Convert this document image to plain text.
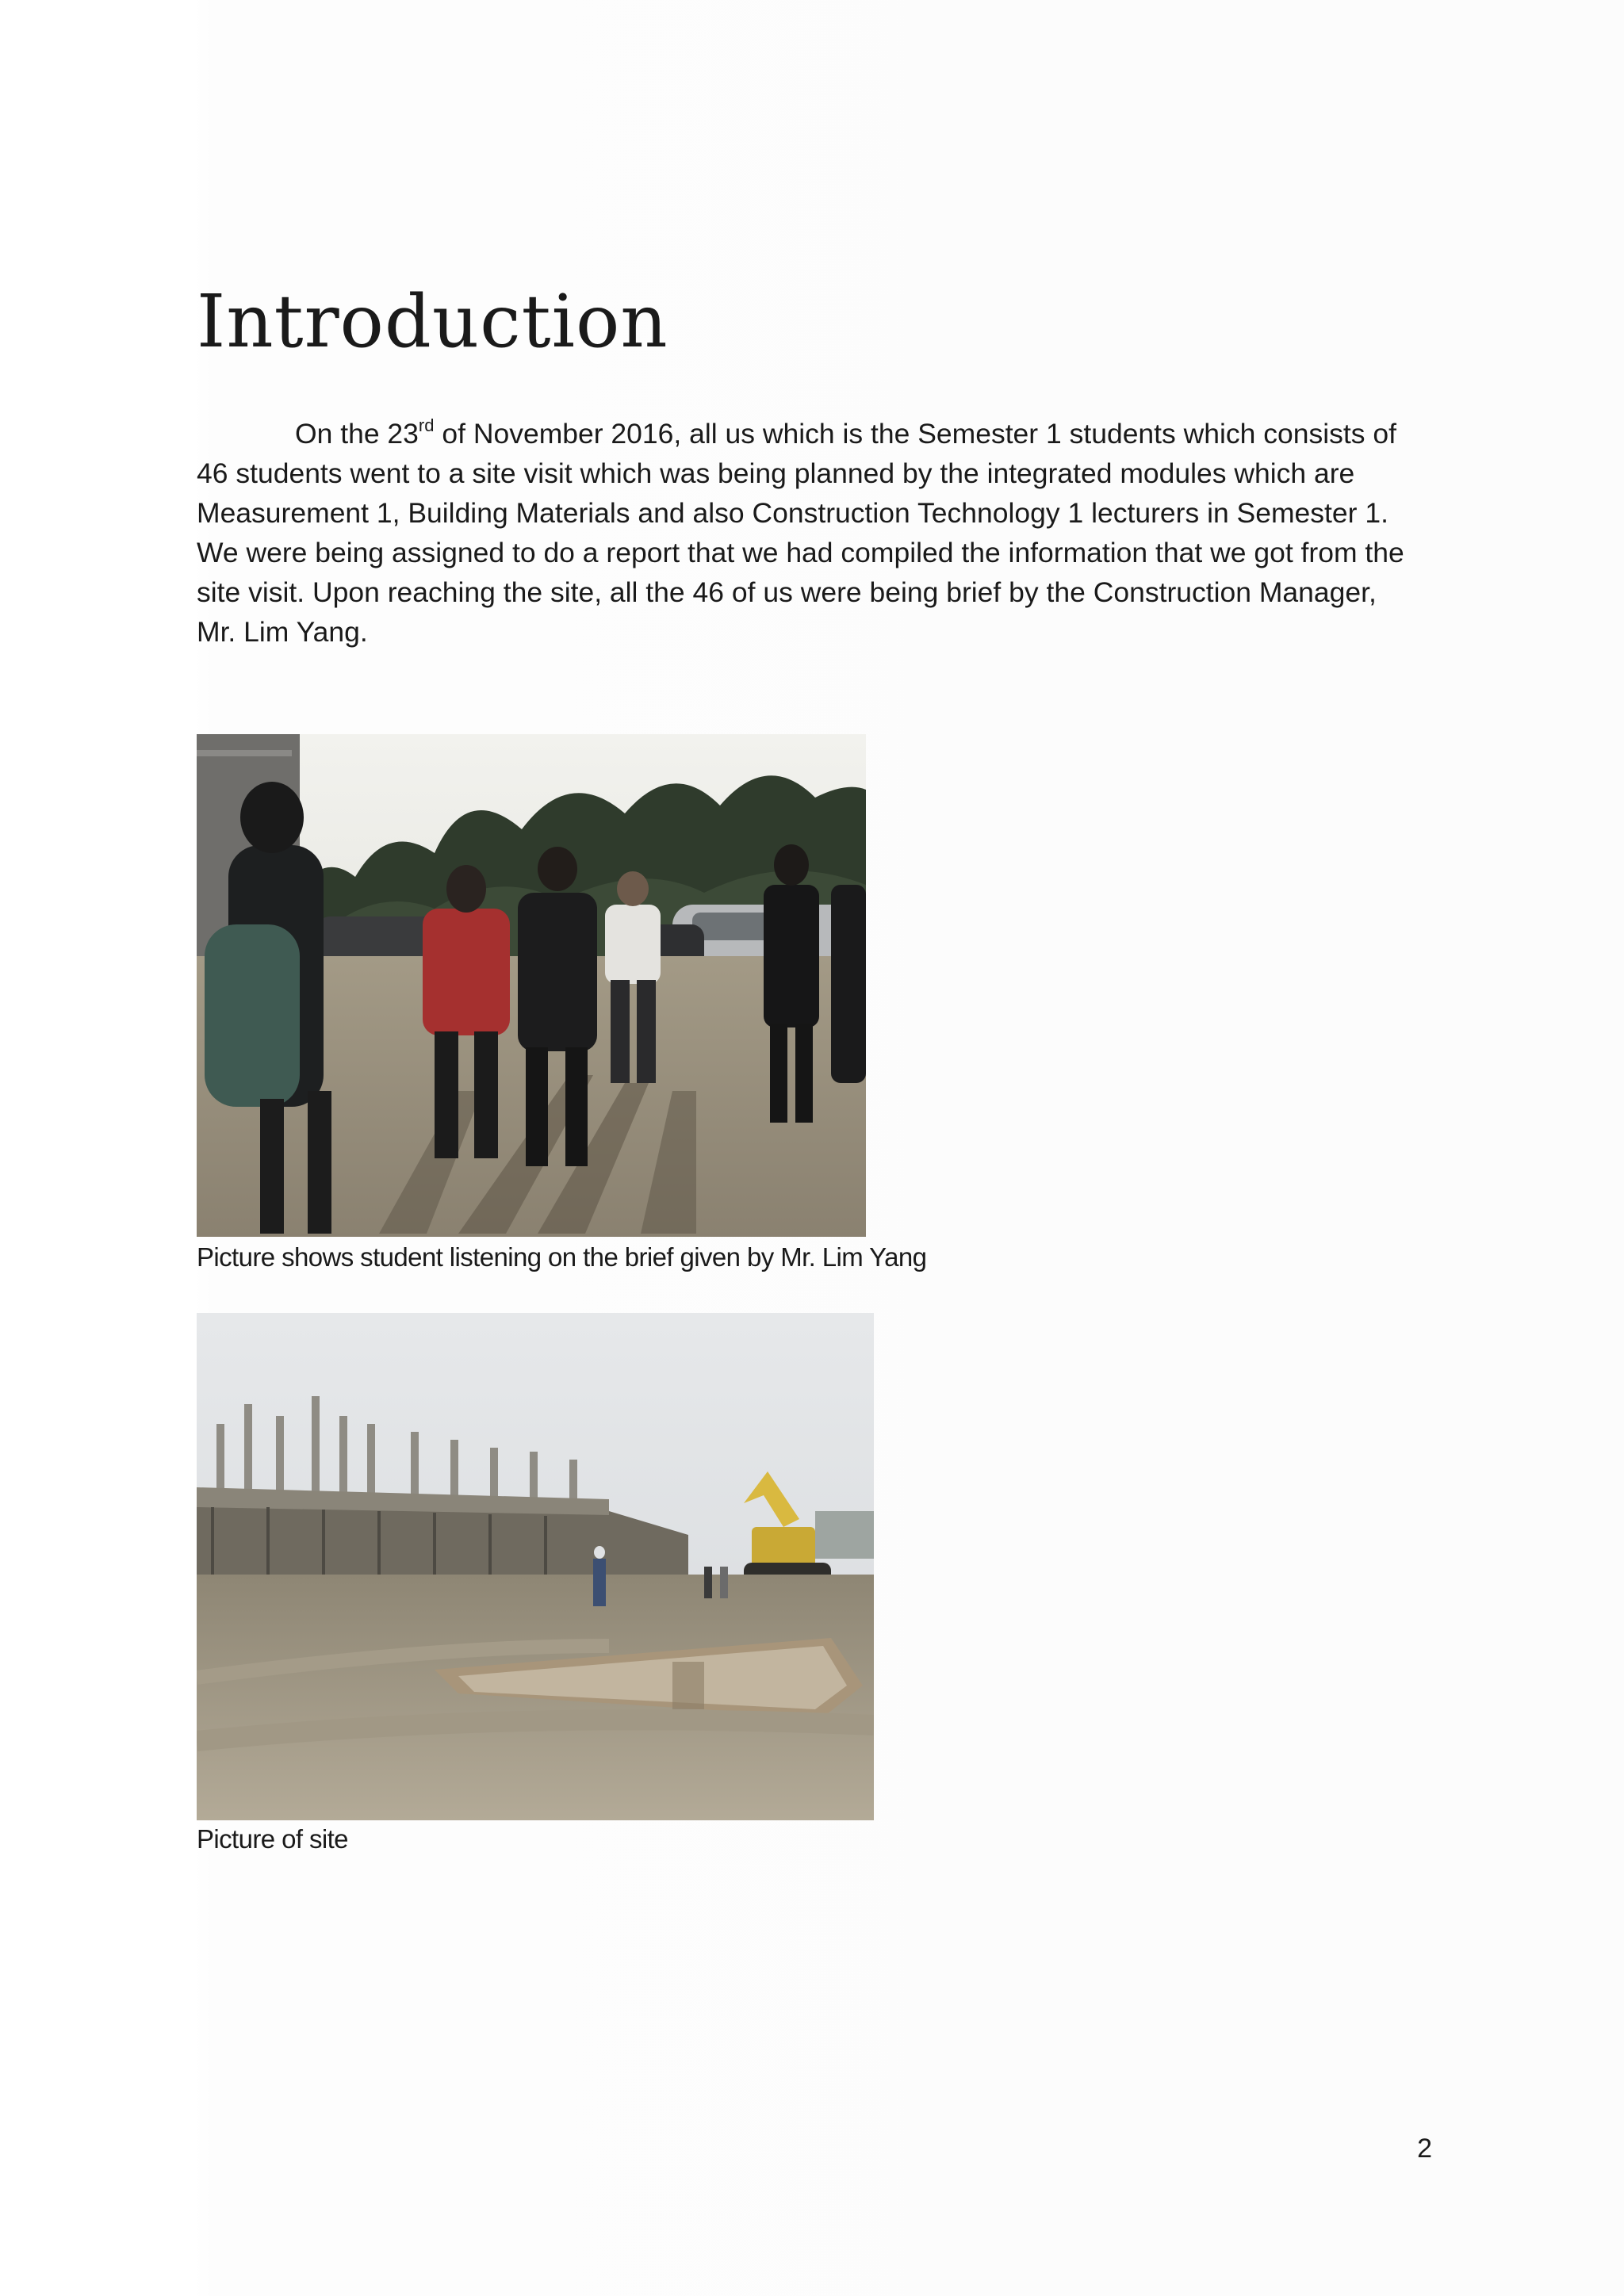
Introduction

On the 23rd of November 2016, all us which is the Semester 1 students which consists of 46 students went to a site visit which was being planned by the integrated modules which are Measurement 1, Building Materials and also Construction Technology 1 lecturers in Semester 1. We were being assigned to do a report that we had compiled the information that we got from the site visit. Upon reaching the site, all the 46 of us were being brief by the Construction Manager, Mr. Lim Yang.

Picture shows student listening on the brief given by Mr. Lim Yang

Picture of site

2
